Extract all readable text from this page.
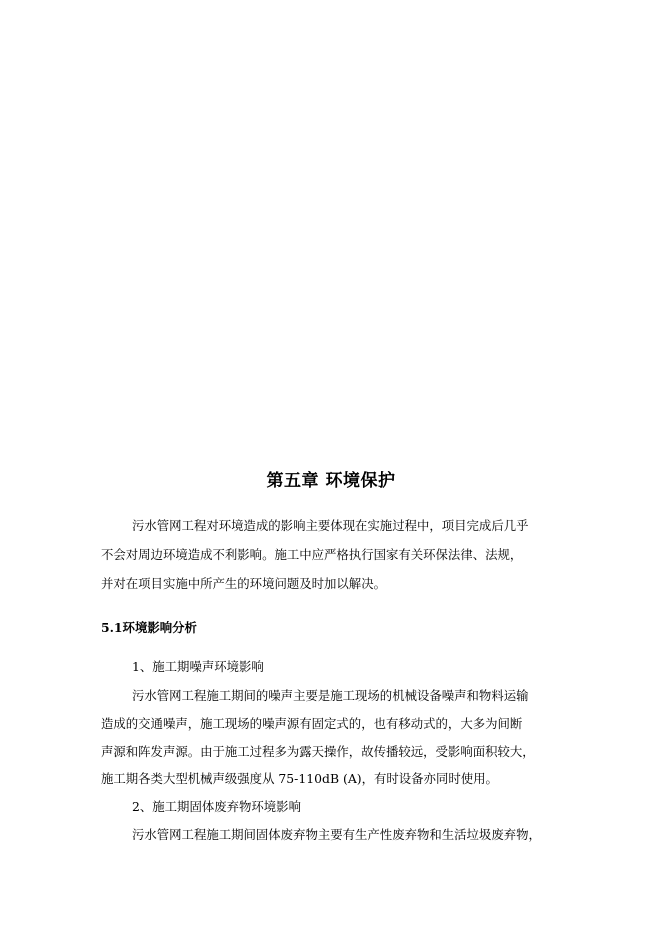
第五章 环境保护

污水管网工程对环境造成的影响主要体现在实施过程中，项目完成后几乎

不会对周边环境造成不利影响。施工中应严格执行国家有关环保法律、法规，

并对在项目实施中所产生的环境问题及时加以解决。

5.1环境影响分析

1、施工期噪声环境影响

污水管网工程施工期间的噪声主要是施工现场的机械设备噪声和物料运输

造成的交通噪声，施工现场的噪声源有固定式的，也有移动式的，大多为间断

声源和阵发声源。由于施工过程多为露天操作，故传播较远，受影响面积较大，

施工期各类大型机械声级强度从 75-110dB (A)，有时设备亦同时使用。

2、施工期固体废弃物环境影响

污水管网工程施工期间固体废弃物主要有生产性废弃物和生活垃圾废弃物，
